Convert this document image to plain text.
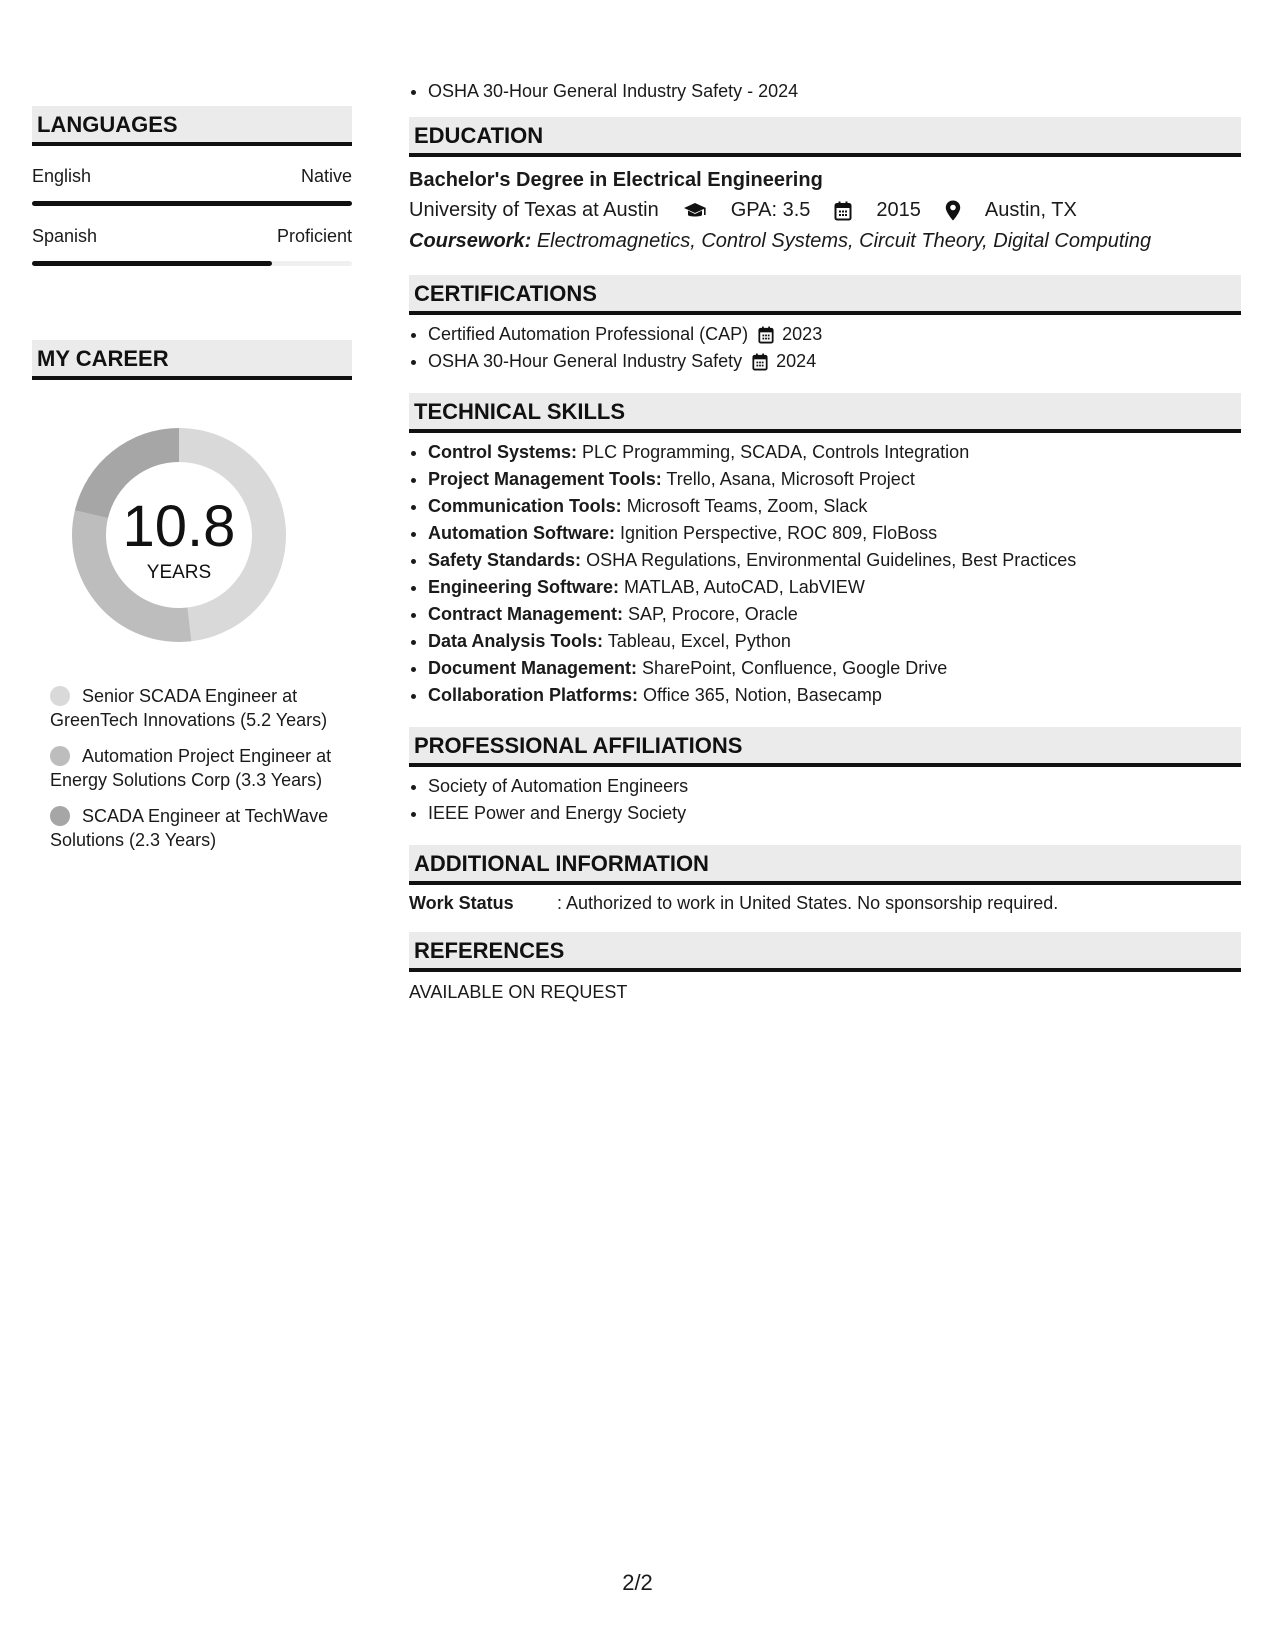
LANGUAGES
English	Native
Spanish	Proficient
MY CAREER
10.8
YEARS
Senior SCADA Engineer at GreenTech Innovations (5.2 Years)
Automation Project Engineer at Energy Solutions Corp (3.3 Years)
SCADA Engineer at TechWave Solutions (2.3 Years)
• OSHA 30-Hour General Industry Safety - 2024
EDUCATION
Bachelor's Degree in Electrical Engineering
University of Texas at Austin	GPA: 3.5	2015	Austin, TX
Coursework: Electromagnetics, Control Systems, Circuit Theory, Digital Computing
CERTIFICATIONS
• Certified Automation Professional (CAP) 2023
• OSHA 30-Hour General Industry Safety 2024
TECHNICAL SKILLS
• Control Systems: PLC Programming, SCADA, Controls Integration
• Project Management Tools: Trello, Asana, Microsoft Project
• Communication Tools: Microsoft Teams, Zoom, Slack
• Automation Software: Ignition Perspective, ROC 809, FloBoss
• Safety Standards: OSHA Regulations, Environmental Guidelines, Best Practices
• Engineering Software: MATLAB, AutoCAD, LabVIEW
• Contract Management: SAP, Procore, Oracle
• Data Analysis Tools: Tableau, Excel, Python
• Document Management: SharePoint, Confluence, Google Drive
• Collaboration Platforms: Office 365, Notion, Basecamp
PROFESSIONAL AFFILIATIONS
• Society of Automation Engineers
• IEEE Power and Energy Society
ADDITIONAL INFORMATION
Work Status	: Authorized to work in United States. No sponsorship required.
REFERENCES
AVAILABLE ON REQUEST
2/2
